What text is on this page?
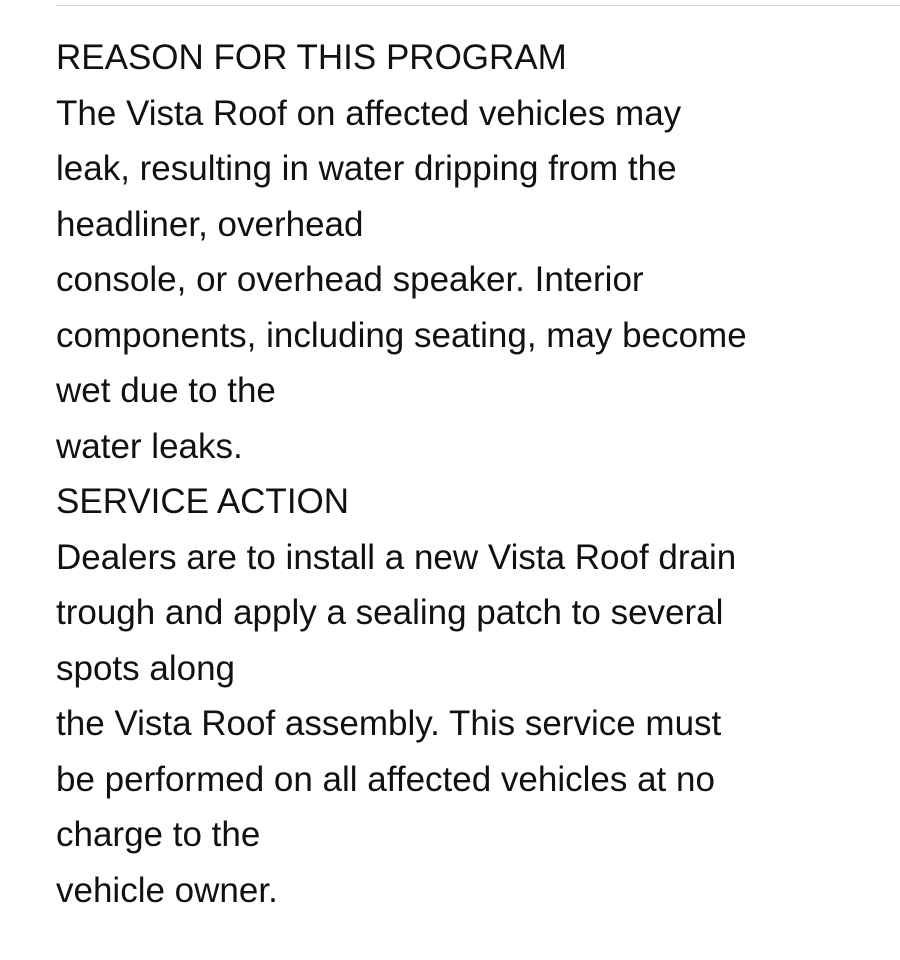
REASON FOR THIS PROGRAM
The Vista Roof on affected vehicles may
leak, resulting in water dripping from the
headliner, overhead
console, or overhead speaker. Interior
components, including seating, may become
wet due to the
water leaks.
SERVICE ACTION
Dealers are to install a new Vista Roof drain
trough and apply a sealing patch to several
spots along
the Vista Roof assembly. This service must
be performed on all affected vehicles at no
charge to the
vehicle owner.
